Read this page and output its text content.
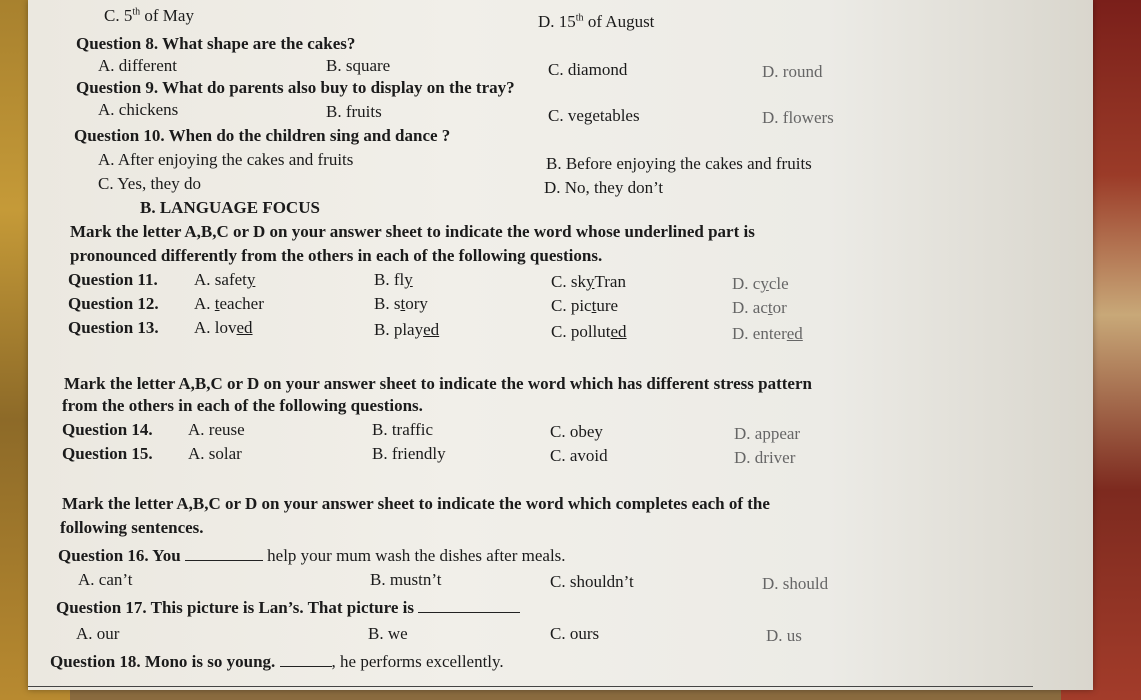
C. 5th of May	D. 15th of August
Question 8. What shape are the cakes?
A. different	B. square	C. diamond	D. round
Question 9. What do parents also buy to display on the tray?
A. chickens	B. fruits	C. vegetables	D. flowers
Question 10. When do the children sing and dance ?
A. After enjoying the cakes and fruits	B. Before enjoying the cakes and fruits
C. Yes, they do	D. No, they don’t
B. LANGUAGE FOCUS
Mark the letter A,B,C or D on your answer sheet to indicate the word whose underlined part is
pronounced differently from the others in each of the following questions.
Question 11. A. safety	B. fly	C. skyTran	D. cycle
Question 12. A. teacher	B. story	C. picture	D. actor
Question 13. A. loved	B. played	C. polluted	D. entered
Mark the letter A,B,C or D on your answer sheet to indicate the word which has different stress pattern
from the others in each of the following questions.
Question 14. A. reuse	B. traffic	C. obey	D. appear
Question 15. A. solar	B. friendly	C. avoid	D. driver
Mark the letter A,B,C or D on your answer sheet to indicate the word which completes each of the
following sentences.
Question 16. You	help your mum wash the dishes after meals.
A. can’t	B. mustn’t	C. shouldn’t	D. should
Question 17. This picture is Lan’s. That picture is
A. our	B. we	C. ours	D. us
Question 18. Mono is so young.	, he performs excellently.
